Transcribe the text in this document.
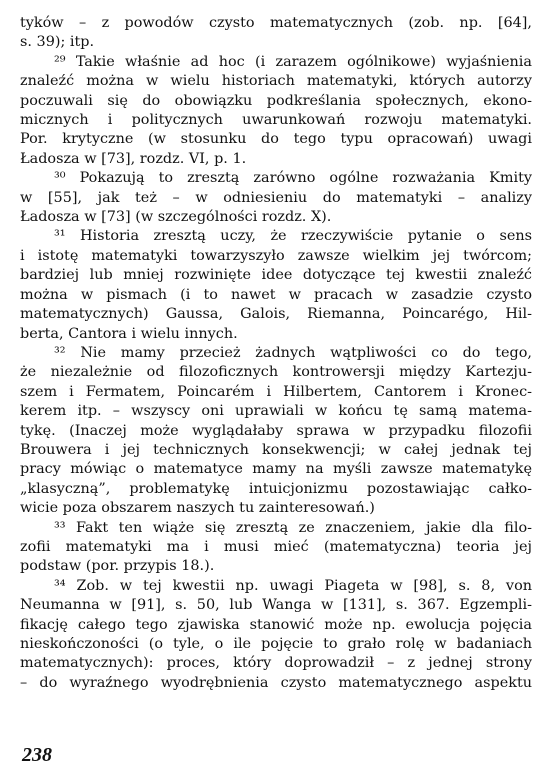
tyków – z powodów czysto matematycznych (zob. np. [64],
s. 39); itp.
²⁹ Takie właśnie ad hoc (i zarazem ogólnikowe) wyjaśnienia
znaleźć można w wielu historiach matematyki, których autorzy
poczuwali się do obowiązku podkreślania społecznych, ekono-
micznych i politycznych uwarunkowań rozwoju matematyki.
Por. krytyczne (w stosunku do tego typu opracowań) uwagi
Ładosza w [73], rozdz. VI, p. 1.
³⁰ Pokazują to zresztą zarówno ogólne rozważania Kmity
w [55], jak też – w odniesieniu do matematyki – analizy
Ładosza w [73] (w szczególności rozdz. X).
³¹ Historia zresztą uczy, że rzeczywiście pytanie o sens
i istotę matematyki towarzyszyło zawsze wielkim jej twórcom;
bardziej lub mniej rozwinięte idee dotyczące tej kwestii znaleźć
można w pismach (i to nawet w pracach w zasadzie czysto
matematycznych) Gaussa, Galois, Riemanna, Poincarégo, Hil-
berta, Cantora i wielu innych.
³² Nie mamy przecież żadnych wątpliwości co do tego,
że niezależnie od filozoficznych kontrowersji między Kartezju-
szem i Fermatem, Poincarém i Hilbertem, Cantorem i Kronec-
kerem itp. – wszyscy oni uprawiali w końcu tę samą matema-
tykę. (Inaczej może wyglądałaby sprawa w przypadku filozofii
Brouwera i jej technicznych konsekwencji; w całej jednak tej
pracy mówiąc o matematyce mamy na myśli zawsze matematykę
„klasyczną”, problematykę intuicjonizmu pozostawiając całko-
wicie poza obszarem naszych tu zainteresowań.)
³³ Fakt ten wiąże się zresztą ze znaczeniem, jakie dla filo-
zofii matematyki ma i musi mieć (matematyczna) teoria jej
podstaw (por. przypis 18.).
³⁴ Zob. w tej kwestii np. uwagi Piageta w [98], s. 8, von
Neumanna w [91], s. 50, lub Wanga w [131], s. 367. Egzempli-
fikację całego tego zjawiska stanowić może np. ewolucja pojęcia
nieskończoności (o tyle, o ile pojęcie to grało rolę w badaniach
matematycznych): proces, który doprowadził – z jednej strony
– do wyraźnego wyodrębnienia czysto matematycznego aspektu
238
